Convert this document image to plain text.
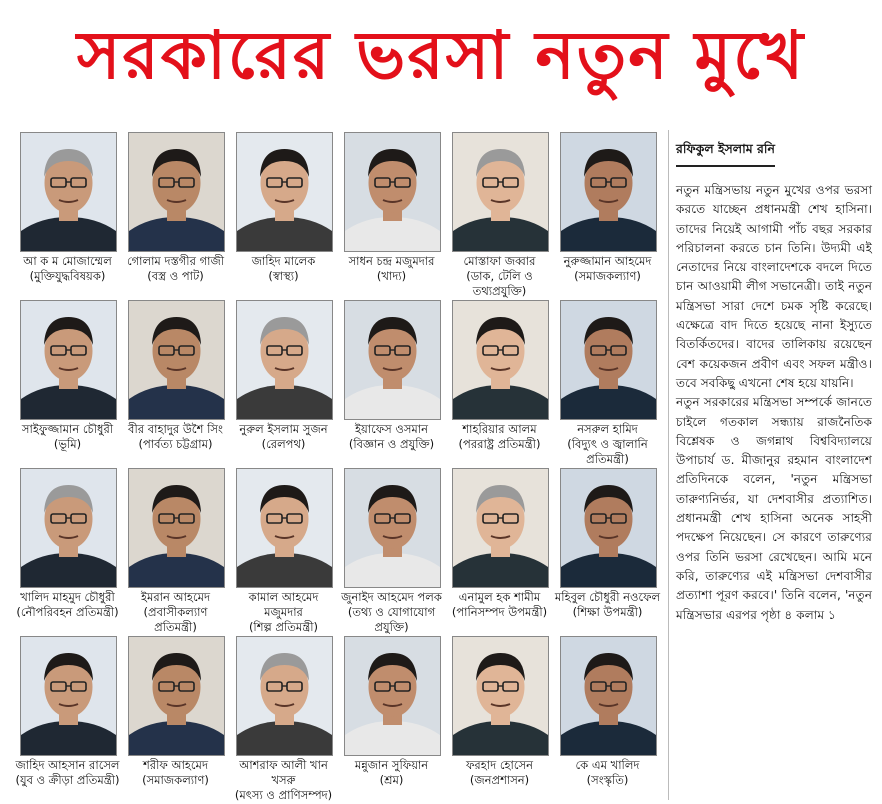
সরকারের ভরসা নতুন মুখে
আ ক ম মোজাম্মেল
(মুক্তিযুদ্ধবিষয়ক)
গোলাম দস্তগীর গাজী
(বস্ত্র ও পাট)
জাহিদ মালেক
(স্বাস্থ্য)
সাধন চন্দ্র মজুমদার
(খাদ্য)
মোস্তাফা জব্বার
(ডাক, টেলি ও তথ্যপ্রযুক্তি)
নুরুজ্জামান আহমেদ
(সমাজকল্যাণ)
সাইফুজ্জামান চৌধুরী
(ভূমি)
বীর বাহাদুর উশৈ সিং
(পার্বত্য চট্টগ্রাম)
নুরুল ইসলাম সুজন
(রেলপথ)
ইয়াফেস ওসমান
(বিজ্ঞান ও প্রযুক্তি)
শাহরিয়ার আলম
(পররাষ্ট্র প্রতিমন্ত্রী)
নসরুল হামিদ
(বিদ্যুৎ ও জ্বালানি প্রতিমন্ত্রী)
খালিদ মাহমুদ চৌধুরী
(নৌপরিবহন প্রতিমন্ত্রী)
ইমরান আহমেদ
(প্রবাসীকল্যাণ প্রতিমন্ত্রী)
কামাল আহমেদ মজুমদার
(শিল্প প্রতিমন্ত্রী)
জুনাইদ আহমেদ পলক
(তথ্য ও যোগাযোগ প্রযুক্তি)
এনামুল হক শামীম
(পানিসম্পদ উপমন্ত্রী)
মহিবুল চৌধুরী নওফেল
(শিক্ষা উপমন্ত্রী)
জাহিদ আহসান রাসেল
(যুব ও ক্রীড়া প্রতিমন্ত্রী)
শরীফ আহমেদ
(সমাজকল্যাণ)
আশরাফ আলী খান খসরু
(মৎস্য ও প্রাণিসম্পদ)
মন্নুজান সুফিয়ান
(শ্রম)
ফরহাদ হোসেন
(জনপ্রশাসন)
কে এম খালিদ
(সংস্কৃতি)
রফিকুল ইসলাম রনি

নতুন মন্ত্রিসভায় নতুন মুখের ওপর ভরসা করতে যাচ্ছেন প্রধানমন্ত্রী শেখ হাসিনা। তাদের নিয়েই আগামী পাঁচ বছর সরকার পরিচালনা করতে চান তিনি। উদ্যমী এই নেতাদের নিয়ে বাংলাদেশকে বদলে দিতে চান আওয়ামী লীগ সভানেত্রী। তাই নতুন মন্ত্রিসভা সারা দেশে চমক সৃষ্টি করেছে। এক্ষেত্রে বাদ দিতে হয়েছে নানা ইস্যুতে বিতর্কিতদের। বাদের তালিকায় রয়েছেন বেশ কয়েকজন প্রবীণ এবং সফল মন্ত্রীও। তবে সবকিছু এখনো শেষ হয়ে যায়নি।

নতুন সরকারের মন্ত্রিসভা সম্পর্কে জানতে চাইলে গতকাল সন্ধ্যায় রাজনৈতিক বিশ্লেষক ও জগন্নাথ বিশ্ববিদ্যালয়ে উপাচার্য ড. মীজানুর রহমান বাংলাদেশ প্রতিদিনকে বলেন, 'নতুন মন্ত্রিসভা তারুণ্যনির্ভর, যা দেশবাসীর প্রত্যাশিত। প্রধানমন্ত্রী শেখ হাসিনা অনেক সাহসী পদক্ষেপ নিয়েছেন। সে কারণে তারুণ্যের ওপর তিনি ভরসা রেখেছেন। আমি মনে করি, তারুণ্যের এই মন্ত্রিসভা দেশবাসীর প্রত্যাশা পূরণ করবে।' তিনি বলেন, 'নতুন মন্ত্রিসভার এরপর পৃষ্ঠা ৪ কলাম ১
